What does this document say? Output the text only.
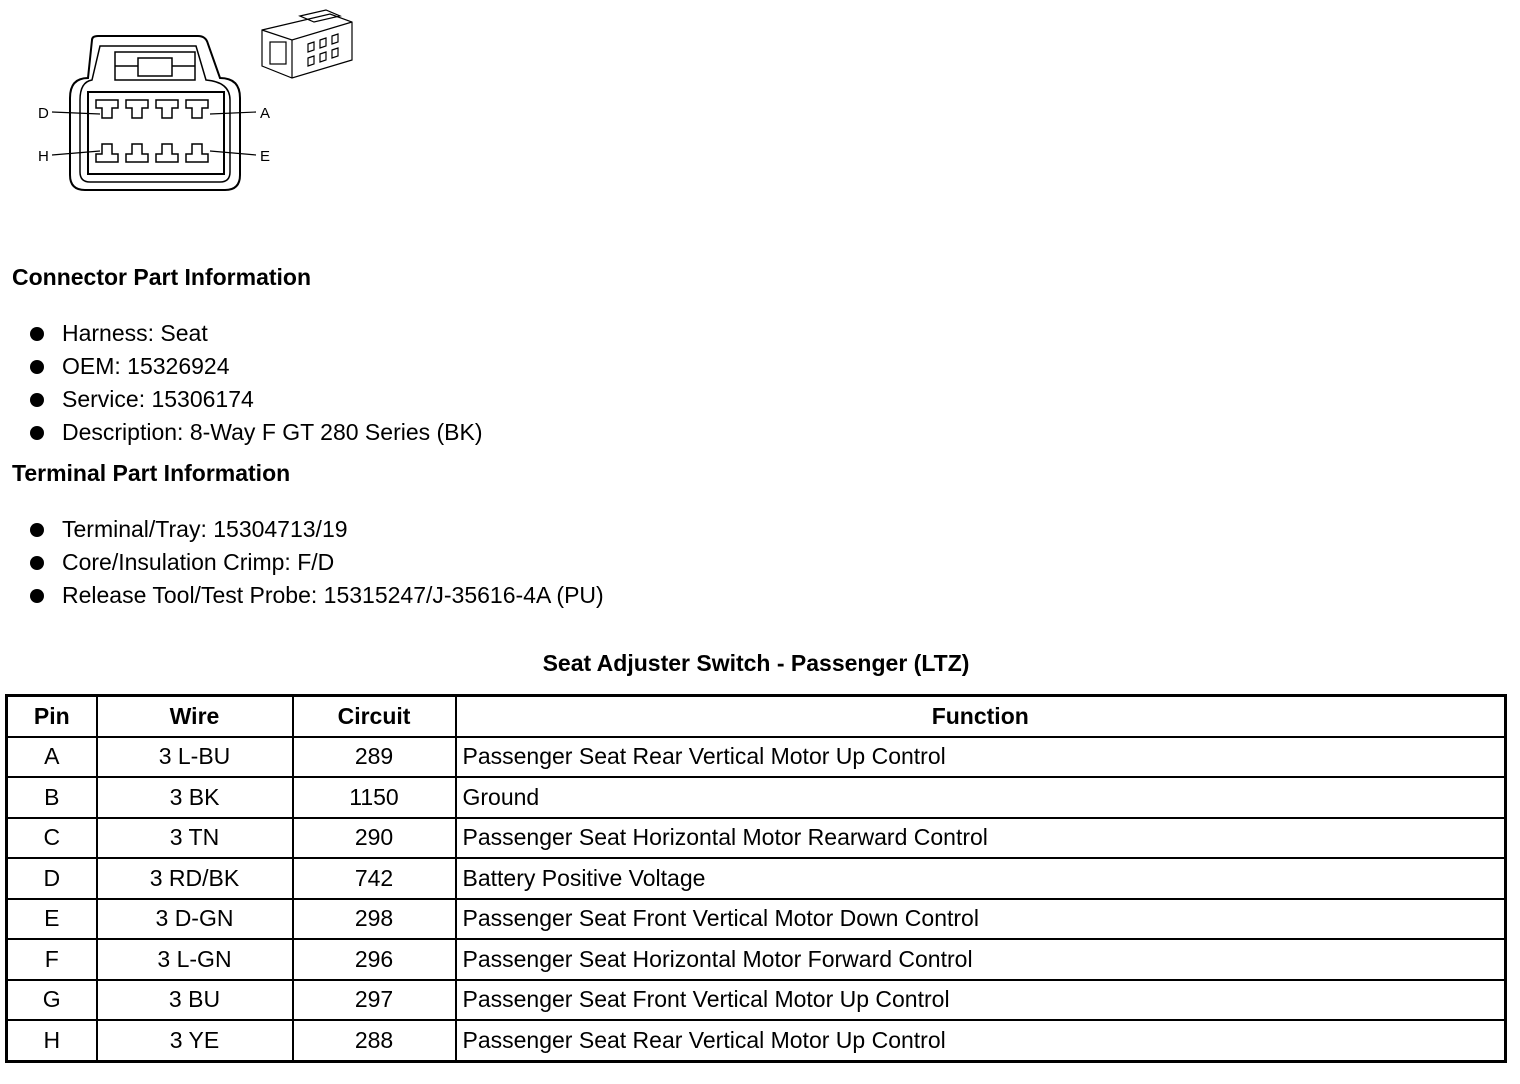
D	A
H	E
Connector Part Information
Harness: Seat
OEM: 15326924
Service: 15306174
Description: 8-Way F GT 280 Series (BK)
Terminal Part Information
Terminal/Tray: 15304713/19
Core/Insulation Crimp: F/D
Release Tool/Test Probe: 15315247/J-35616-4A (PU)
Seat Adjuster Switch - Passenger (LTZ)
Pin	Wire	Circuit	Function
A	3 L-BU	289	Passenger Seat Rear Vertical Motor Up Control
B	3 BK	1150	Ground
C	3 TN	290	Passenger Seat Horizontal Motor Rearward Control
D	3 RD/BK	742	Battery Positive Voltage
E	3 D-GN	298	Passenger Seat Front Vertical Motor Down Control
F	3 L-GN	296	Passenger Seat Horizontal Motor Forward Control
G	3 BU	297	Passenger Seat Front Vertical Motor Up Control
H	3 YE	288	Passenger Seat Rear Vertical Motor Up Control
